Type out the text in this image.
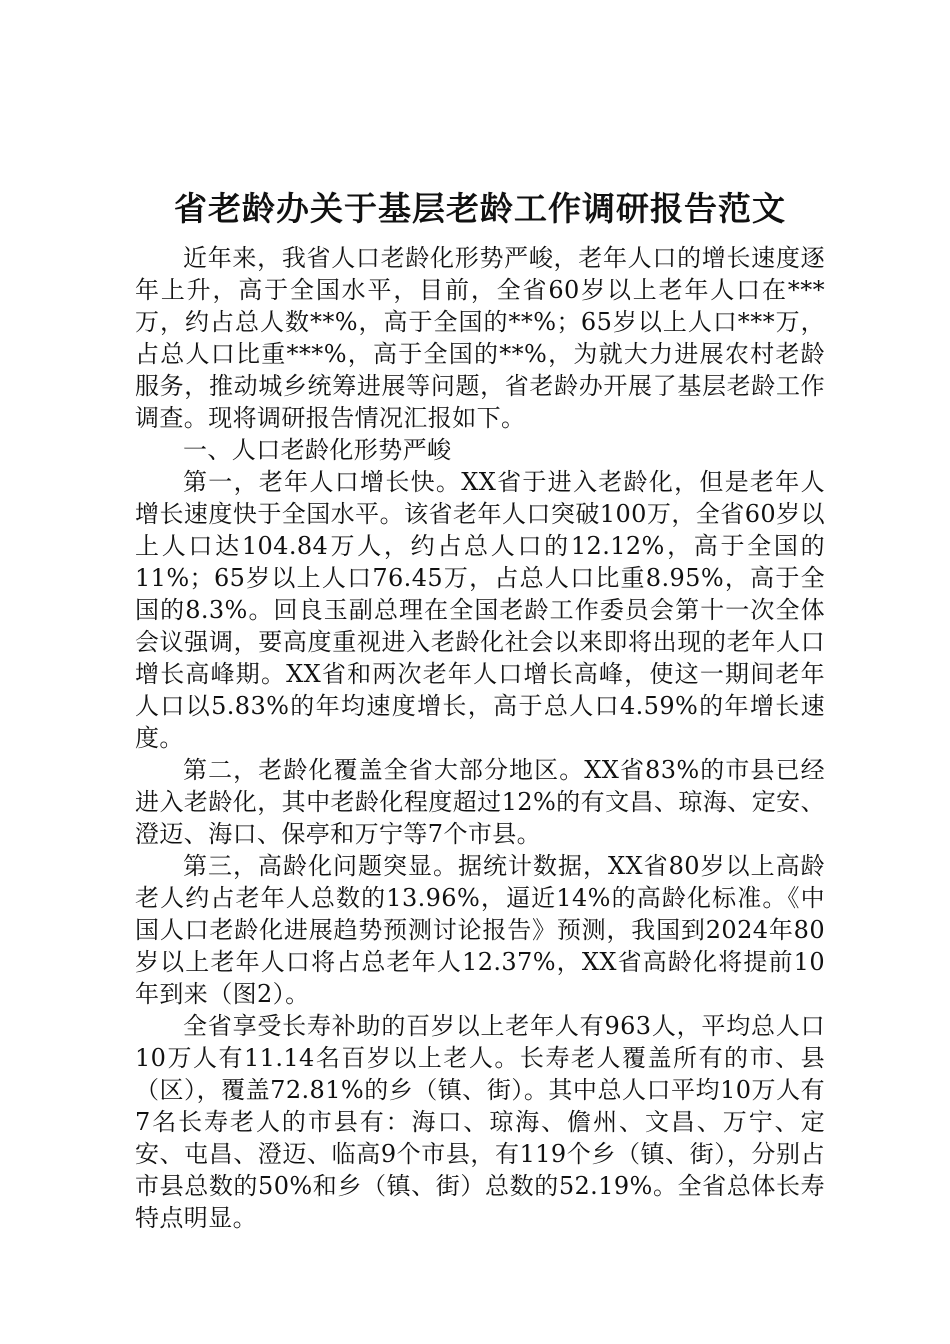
省老龄办关于基层老龄工作调研报告范文

近年来，我省人口老龄化形势严峻，老年人口的增长速度逐年上升，高于全国水平，目前，全省60岁以上老年人口在***万，约占总人数**%，高于全国的**%；65岁以上人口***万，占总人口比重***%，高于全国的**%，为就大力进展农村老龄服务，推动城乡统筹进展等问题，省老龄办开展了基层老龄工作调查。现将调研报告情况汇报如下。

一、人口老龄化形势严峻

第一，老年人口增长快。XX省于进入老龄化，但是老年人增长速度快于全国水平。该省老年人口突破100万，全省60岁以上人口达104.84万人，约占总人口的12.12%，高于全国的11%；65岁以上人口76.45万，占总人口比重8.95%，高于全国的8.3%。回良玉副总理在全国老龄工作委员会第十一次全体会议强调，要高度重视进入老龄化社会以来即将出现的老年人口增长高峰期。XX省和两次老年人口增长高峰，使这一期间老年人口以5.83%的年均速度增长，高于总人口4.59%的年增长速度。

第二，老龄化覆盖全省大部分地区。XX省83%的市县已经进入老龄化，其中老龄化程度超过12%的有文昌、琼海、定安、澄迈、海口、保亭和万宁等7个市县。

第三，高龄化问题突显。据统计数据，XX省80岁以上高龄老人约占老年人总数的13.96%，逼近14%的高龄化标准。《中国人口老龄化进展趋势预测讨论报告》预测，我国到2024年80岁以上老年人口将占总老年人12.37%，XX省高龄化将提前10年到来（图2）。

全省享受长寿补助的百岁以上老年人有963人，平均总人口10万人有11.14名百岁以上老人。长寿老人覆盖所有的市、县（区），覆盖72.81%的乡（镇、街）。其中总人口平均10万人有7名长寿老人的市县有：海口、琼海、儋州、文昌、万宁、定安、屯昌、澄迈、临高9个市县，有119个乡（镇、街），分别占市县总数的50%和乡（镇、街）总数的52.19%。全省总体长寿特点明显。
